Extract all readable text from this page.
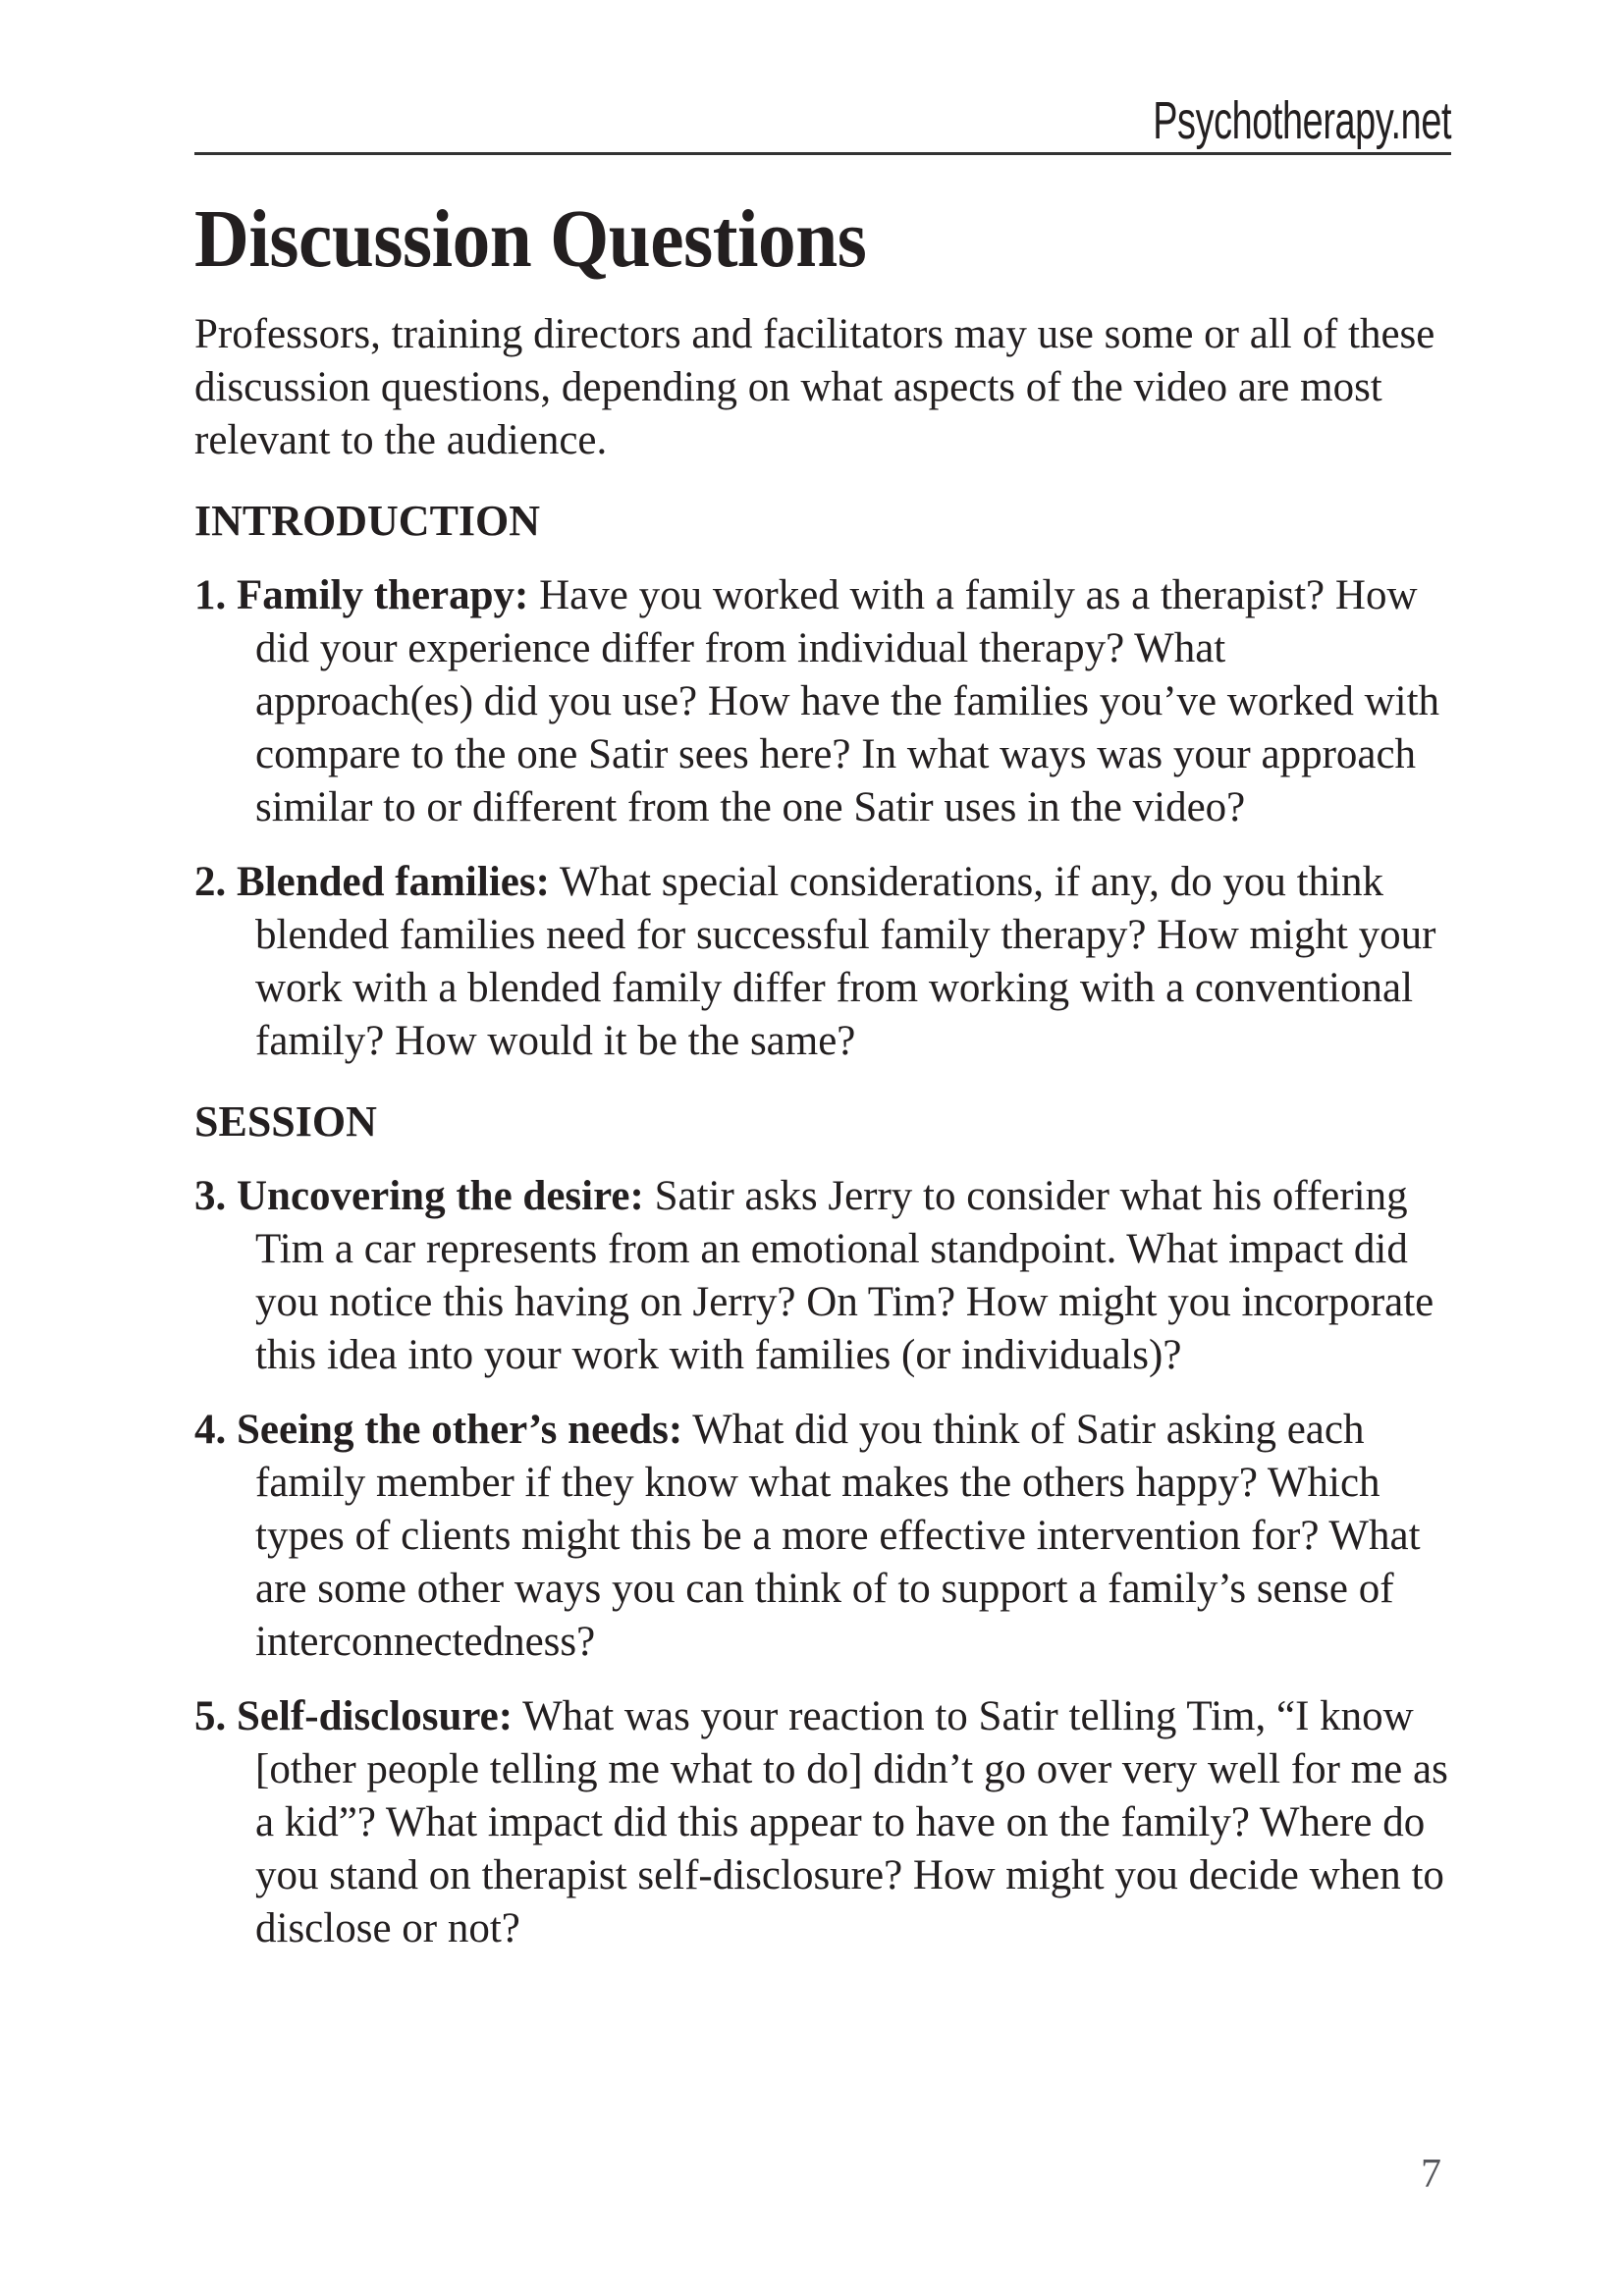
Psychotherapy.net
Discussion Questions

Professors, training directors and facilitators may use some or all of these discussion questions, depending on what aspects of the video are most relevant to the audience.

INTRODUCTION

1. Family therapy: Have you worked with a family as a therapist? How did your experience differ from individual therapy? What approach(es) did you use? How have the families you’ve worked with compare to the one Satir sees here? In what ways was your approach similar to or different from the one Satir uses in the video?

2. Blended families: What special considerations, if any, do you think blended families need for successful family therapy? How might your work with a blended family differ from working with a conventional family? How would it be the same?

SESSION

3. Uncovering the desire: Satir asks Jerry to consider what his offering Tim a car represents from an emotional standpoint. What impact did you notice this having on Jerry? On Tim? How might you incorporate this idea into your work with families (or individuals)?

4. Seeing the other’s needs: What did you think of Satir asking each family member if they know what makes the others happy? Which types of clients might this be a more effective intervention for? What are some other ways you can think of to support a family’s sense of interconnectedness?

5. Self-disclosure: What was your reaction to Satir telling Tim, “I know [other people telling me what to do] didn’t go over very well for me as a kid”? What impact did this appear to have on the family? Where do you stand on therapist self-disclosure? How might you decide when to disclose or not?

7
